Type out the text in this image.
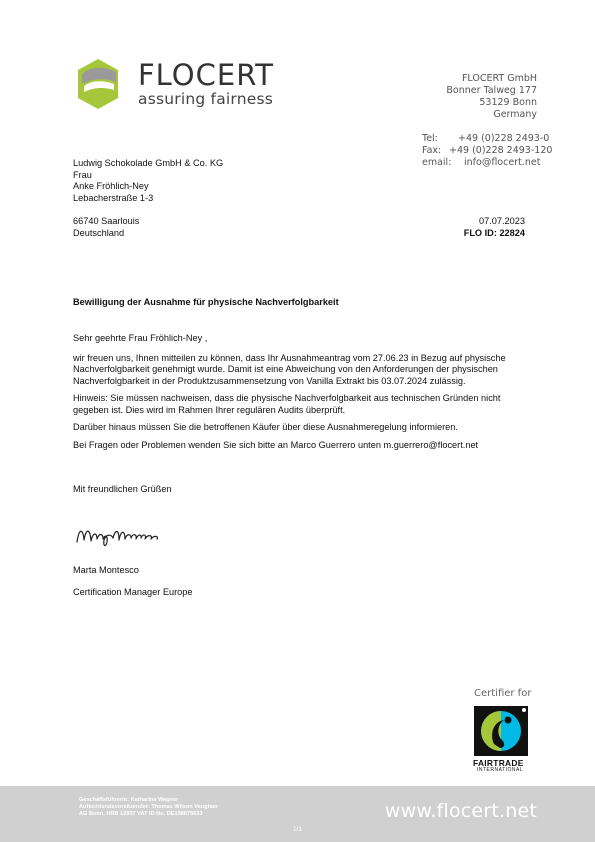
FLOCERT
assuring fairness
FLOCERT GmbH
Bonner Talweg 177
53129 Bonn
Germany
Tel:	+49 (0)228 2493-0
Fax: +49 (0)228 2493-120
email: info@flocert.net
Ludwig Schokolade GmbH & Co. KG
Frau
Anke Fröhlich-Ney
Lebacherstraße 1-3
66740 Saarlouis
Deutschland
07.07.2023
FLO ID: 22824
Bewilligung der Ausnahme für physische Nachverfolgbarkeit

Sehr geehrte Frau Fröhlich-Ney ,

wir freuen uns, Ihnen mitteilen zu können, dass Ihr Ausnahmeantrag vom 27.06.23 in Bezug auf physische Nachverfolgbarkeit genehmigt wurde. Damit ist eine Abweichung von den Anforderungen der physischen Nachverfolgbarkeit in der Produktzusammensetzung von Vanilla Extrakt bis 03.07.2024 zulässig.

Hinweis: Sie müssen nachweisen, dass die physische Nachverfolgbarkeit aus technischen Gründen nicht gegeben ist. Dies wird im Rahmen Ihrer regulären Audits überprüft.

Darüber hinaus müssen Sie die betroffenen Käufer über diese Ausnahmeregelung informieren.

Bei Fragen oder Problemen wenden Sie sich bitte an Marco Guerrero unten m.guerrero@flocert.net

Mit freundlichen Grüßen
Marta Montesco
Certification Manager Europe
Certifier for
FAIRTRADE
INTERNATIONAL
Geschäftsführerin: Katharina Wagner
Aufsichtsratsvorsitzender: Thomas Wilson Vaughan
AG Bonn, HRB 12937 VAT ID No. DE198075033	www.flocert.net
1/1
